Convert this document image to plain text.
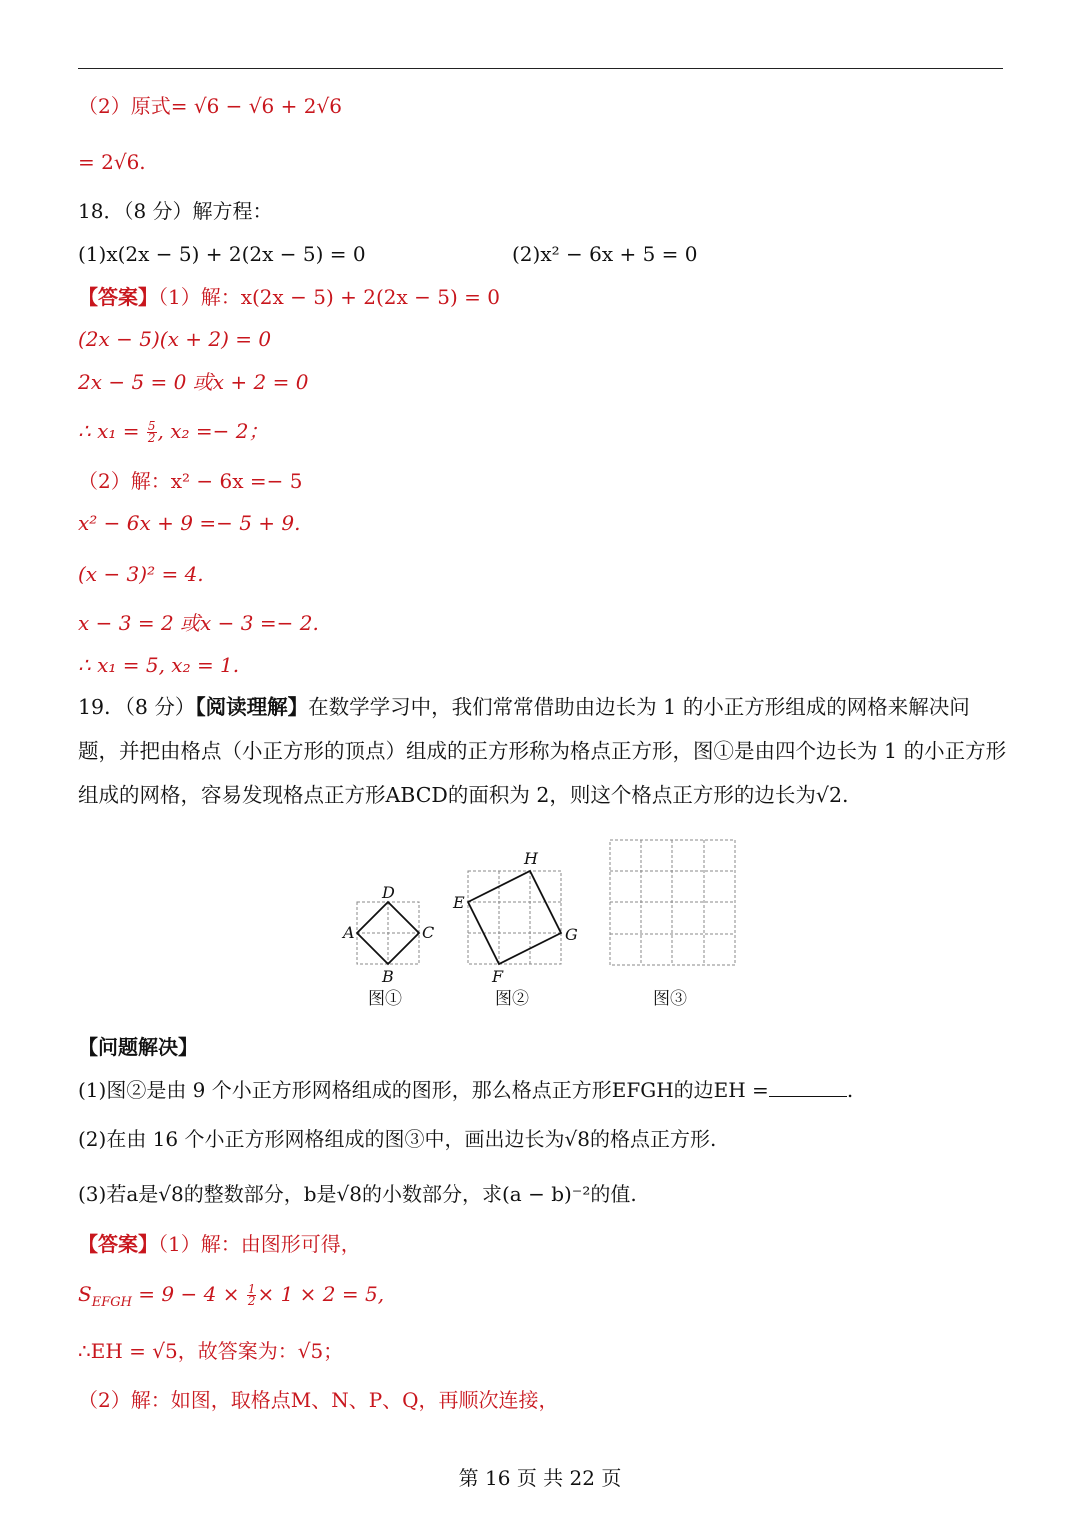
（2）原式= √6 − √6 + 2√6
= 2√6.
18．（8 分）解方程：
(1)x(2x − 5) + 2(2x − 5) = 0	(2)x² − 6x + 5 = 0
【答案】（1）解：x(2x − 5) + 2(2x − 5) = 0
(2x − 5)(x + 2) = 0
2x − 5 = 0 或x + 2 = 0
∴ $x_1 = \frac{5}{2}$ , x₂ =− 2；
（2）解：x² − 6x =− 5
x² − 6x + 9 =− 5 + 9.
(x − 3)² = 4.
x − 3 = 2 或x − 3 =− 2.
∴ x₁ = 5, x₂ = 1.
19．（8 分）【阅读理解】在数学学习中，我们常常借助由边长为 1 的小正方形组成的网格来解决问题，并把由格点（小正方形的顶点）组成的正方形称为格点正方形，图①是由四个边长为 1 的小正方形组成的网格，容易发现格点正方形ABCD的面积为 2，则这个格点正方形的边长为√2.
A
B
C
D
图①
E
F
G
H
图②	图③
【问题解决】
(1)图②是由 9 个小正方形网格组成的图形，那么格点正方形EFGH的边EH =	.
(2)在由 16 个小正方形网格组成的图③中，画出边长为√8的格点正方形.
(3)若a是√8的整数部分，b是√8的小数部分，求(a − b)⁻²的值.
【答案】（1）解：由图形可得，
$S_{EFGH} = 9 - 4 \times \frac{1}{2} \times 1 \times 2 = 5$,
∴EH = √5，故答案为：√5；
（2）解：如图，取格点M、N、P、Q，再顺次连接，
第 16 页 共 22 页
